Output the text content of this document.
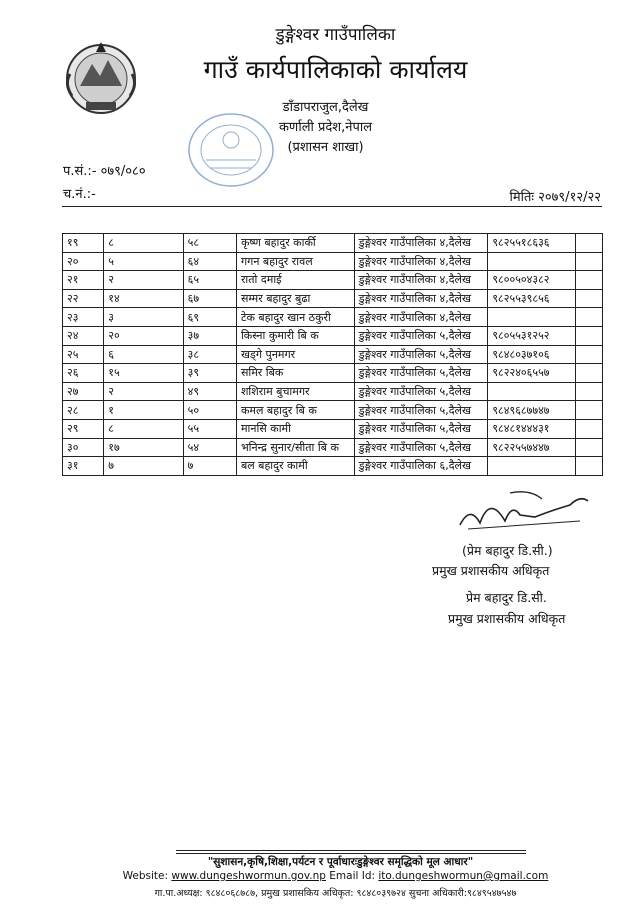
डुङ्गेश्वर गाउँपालिका
गाउँ कार्यपालिकाको कार्यालय
डाँडापराजुल,दैलेख
कर्णाली प्रदेश,नेपाल
(प्रशासन शाखा)
प.सं.:- ०७९/०८०
च.नं.:-	मितिः २०७९/१२/२२
१९	८	५८	कृष्ण बहादुर कार्की	डुङ्गेश्वर गाउँपालिका ४,दैलेख	९८२५५१८६३६	
२०	५	६४	गगन बहादुर रावल	डुङ्गेश्वर गाउँपालिका ४,दैलेख		
२१	२	६५	रातो दमाई	डुङ्गेश्वर गाउँपालिका ४,दैलेख	९८००५०४३८२	
२२	१४	६७	सम्मर बहादुर बुढा	डुङ्गेश्वर गाउँपालिका ४,दैलेख	९८२५५३९८५६	
२३	३	६९	टेक बहादुर खान ठकुरी	डुङ्गेश्वर गाउँपालिका ४,दैलेख		
२४	२०	३७	किस्ना कुमारी बि क	डुङ्गेश्वर गाउँपालिका ५,दैलेख	९८०५५३१२५२	
२५	६	३८	खड्गे पुनमगर	डुङ्गेश्वर गाउँपालिका ५,दैलेख	९८४८०३७१०६	
२६	१५	३९	समिर बिक	डुङ्गेश्वर गाउँपालिका ५,दैलेख	९८२२४०६५५७	
२७	२	४९	शशिराम बुचामगर	डुङ्गेश्वर गाउँपालिका ५,दैलेख		
२८	१	५०	कमल बहादुर बि क	डुङ्गेश्वर गाउँपालिका ५,दैलेख	९८४९६८७७४७	
२९	८	५५	मानसि कामी	डुङ्गेश्वर गाउँपालिका ५,दैलेख	९८४८१४४४३१	
३०	१७	५४	भनिन्द्र सुनार/सीता बि क	डुङ्गेश्वर गाउँपालिका ५,दैलेख	९८२२५५७४४७	
३१	७	७	बल बहादुर कामी	डुङ्गेश्वर गाउँपालिका ६,दैलेख		
(प्रेम बहादुर डि.सी.)
प्रमुख प्रशासकीय अधिकृत
प्रेम बहादुर डि.सी.
प्रमुख प्रशासकीय अधिकृत
"सुशासन,कृषि,शिक्षा,पर्यटन र पूर्वाधारःडुङ्गेश्वर समृद्धिको मूल आधार"
Website: www.dungeshwormun.gov.np Email Id: ito.dungeshwormun@gmail.com
गा.पा.अध्यक्ष: ९८४८०६८७८७, प्रमुख प्रशासकिय अधिकृत: ९८४८०३९७२४ सुचना अधिकारी:९८४९५४७५४७
